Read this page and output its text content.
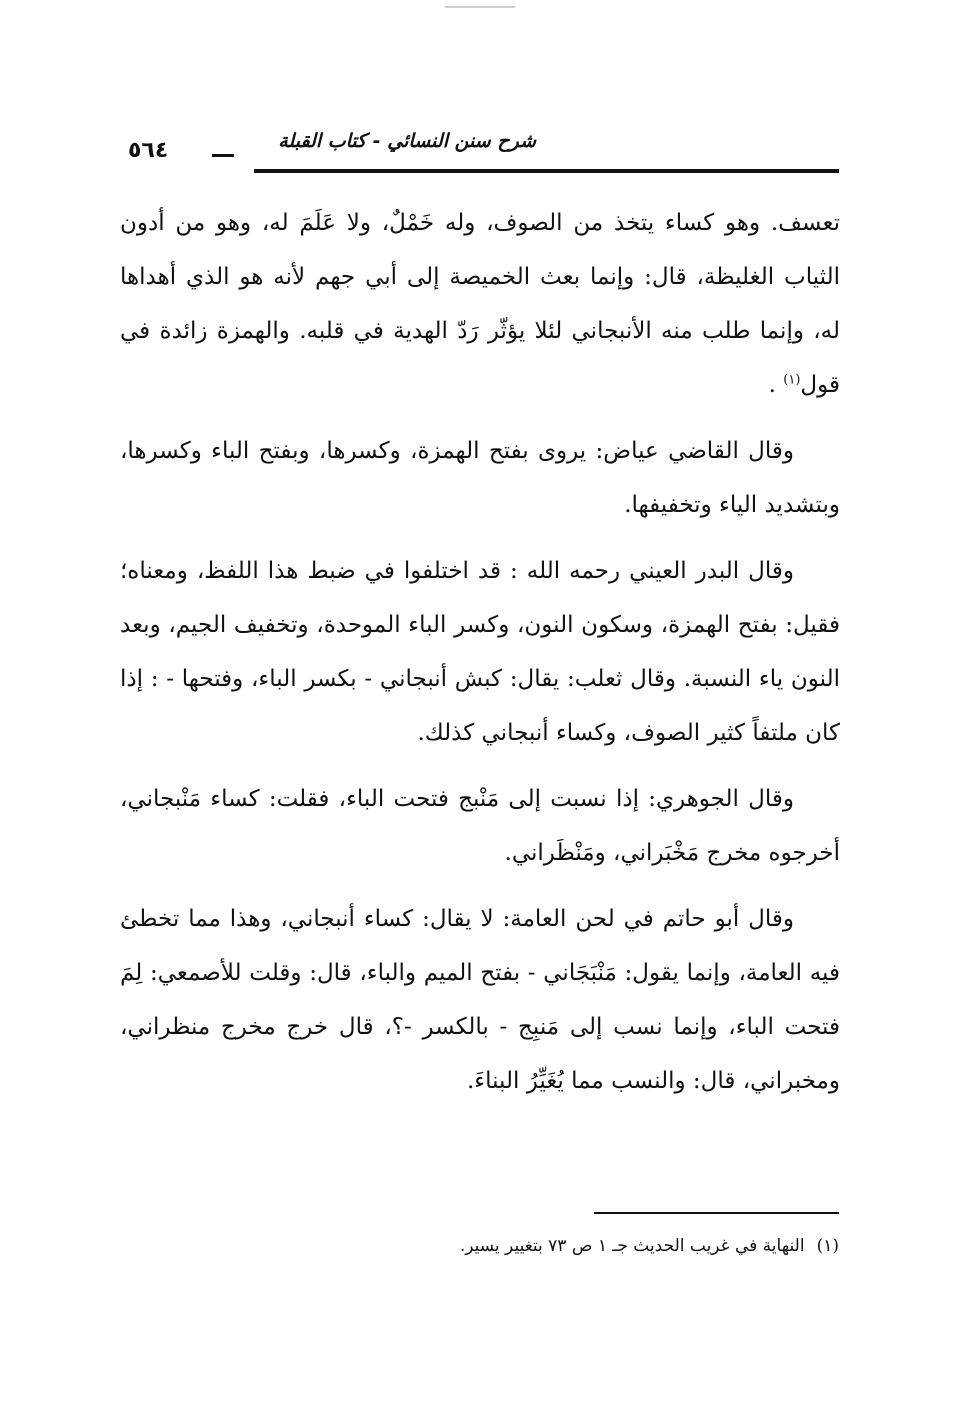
شرح سنن النسائي - كتاب القبلة
٥٦٤

تعسف. وهو كساء يتخذ من الصوف، وله خَمْلٌ، ولا عَلَمَ له، وهو من أدون الثياب الغليظة، قال: وإنما بعث الخميصة إلى أبي جهم لأنه هو الذي أهداها له، وإنما طلب منه الأنبجاني لئلا يؤثّر رَدّ الهدية في قلبه. والهمزة زائدة في قول$^{(١)}$ .

وقال القاضي عياض: يروى بفتح الهمزة، وكسرها، وبفتح الباء وكسرها، وبتشديد الياء وتخفيفها.

وقال البدر العيني رحمه الله : قد اختلفوا في ضبط هذا اللفظ، ومعناه؛ فقيل: بفتح الهمزة، وسكون النون، وكسر الباء الموحدة، وتخفيف الجيم، وبعد النون ياء النسبة. وقال ثعلب: يقال: كبش أنبجاني - بكسر الباء، وفتحها - : إذا كان ملتفاً كثير الصوف، وكساء أنبجاني كذلك.

وقال الجوهري: إذا نسبت إلى مَنْبج فتحت الباء، فقلت: كساء مَنْبجاني، أخرجوه مخرج مَخْبَراني، ومَنْظَراني.

وقال أبو حاتم في لحن العامة: لا يقال: كساء أنبجاني، وهذا مما تخطئ فيه العامة، وإنما يقول: مَنْبَجَاني - بفتح الميم والباء، قال: وقلت للأصمعي: لِمَ فتحت الباء، وإنما نسب إلى مَنبِج - بالكسر -؟، قال خرج مخرج منظراني، ومخبراني، قال: والنسب مما يُغَيِّرُ البناءَ.

(١)النهاية في غريب الحديث جـ ١ ص ٧٣ بتغيير يسير.
